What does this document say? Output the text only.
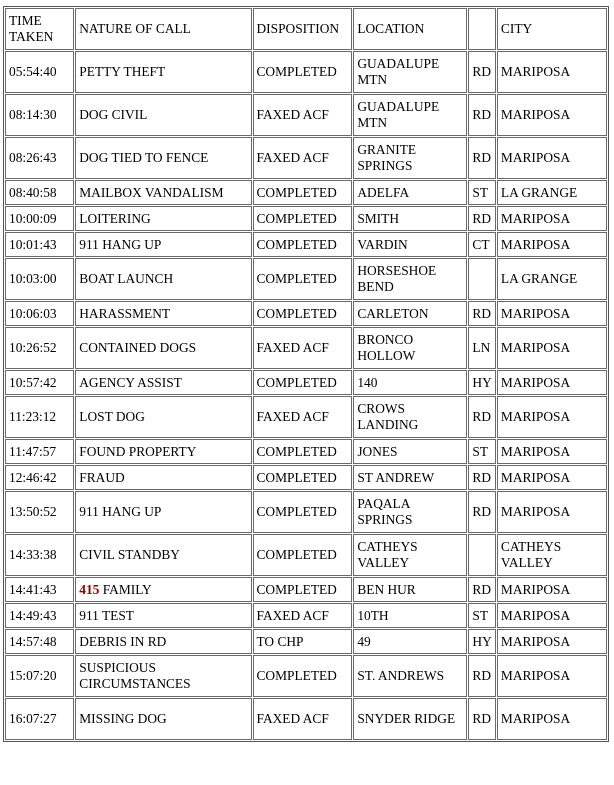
TIME
TAKEN	NATURE OF CALL	DISPOSITION	LOCATION		CITY
05:54:40	PETTY THEFT	COMPLETED	GUADALUPE MTN	RD	MARIPOSA
08:14:30	DOG CIVIL	FAXED ACF	GUADALUPE MTN	RD	MARIPOSA
08:26:43	DOG TIED TO FENCE	FAXED ACF	GRANITE SPRINGS	RD	MARIPOSA
08:40:58	MAILBOX VANDALISM	COMPLETED	ADELFA	ST	LA GRANGE
10:00:09	LOITERING	COMPLETED	SMITH	RD	MARIPOSA
10:01:43	911 HANG UP	COMPLETED	VARDIN	CT	MARIPOSA
10:03:00	BOAT LAUNCH	COMPLETED	HORSESHOE BEND		LA GRANGE
10:06:03	HARASSMENT	COMPLETED	CARLETON	RD	MARIPOSA
10:26:52	CONTAINED DOGS	FAXED ACF	BRONCO HOLLOW	LN	MARIPOSA
10:57:42	AGENCY ASSIST	COMPLETED	140	HY	MARIPOSA
11:23:12	LOST DOG	FAXED ACF	CROWS LANDING	RD	MARIPOSA
11:47:57	FOUND PROPERTY	COMPLETED	JONES	ST	MARIPOSA
12:46:42	FRAUD	COMPLETED	ST ANDREW	RD	MARIPOSA
13:50:52	911 HANG UP	COMPLETED	PAQALA SPRINGS	RD	MARIPOSA
14:33:38	CIVIL STANDBY	COMPLETED	CATHEYS VALLEY		CATHEYS VALLEY
14:41:43	415 FAMILY	COMPLETED	BEN HUR	RD	MARIPOSA
14:49:43	911 TEST	FAXED ACF	10TH	ST	MARIPOSA
14:57:48	DEBRIS IN RD	TO CHP	49	HY	MARIPOSA
15:07:20	SUSPICIOUS CIRCUMSTANCES	COMPLETED	ST. ANDREWS	RD	MARIPOSA
16:07:27	MISSING DOG	FAXED ACF	SNYDER RIDGE	RD	MARIPOSA
